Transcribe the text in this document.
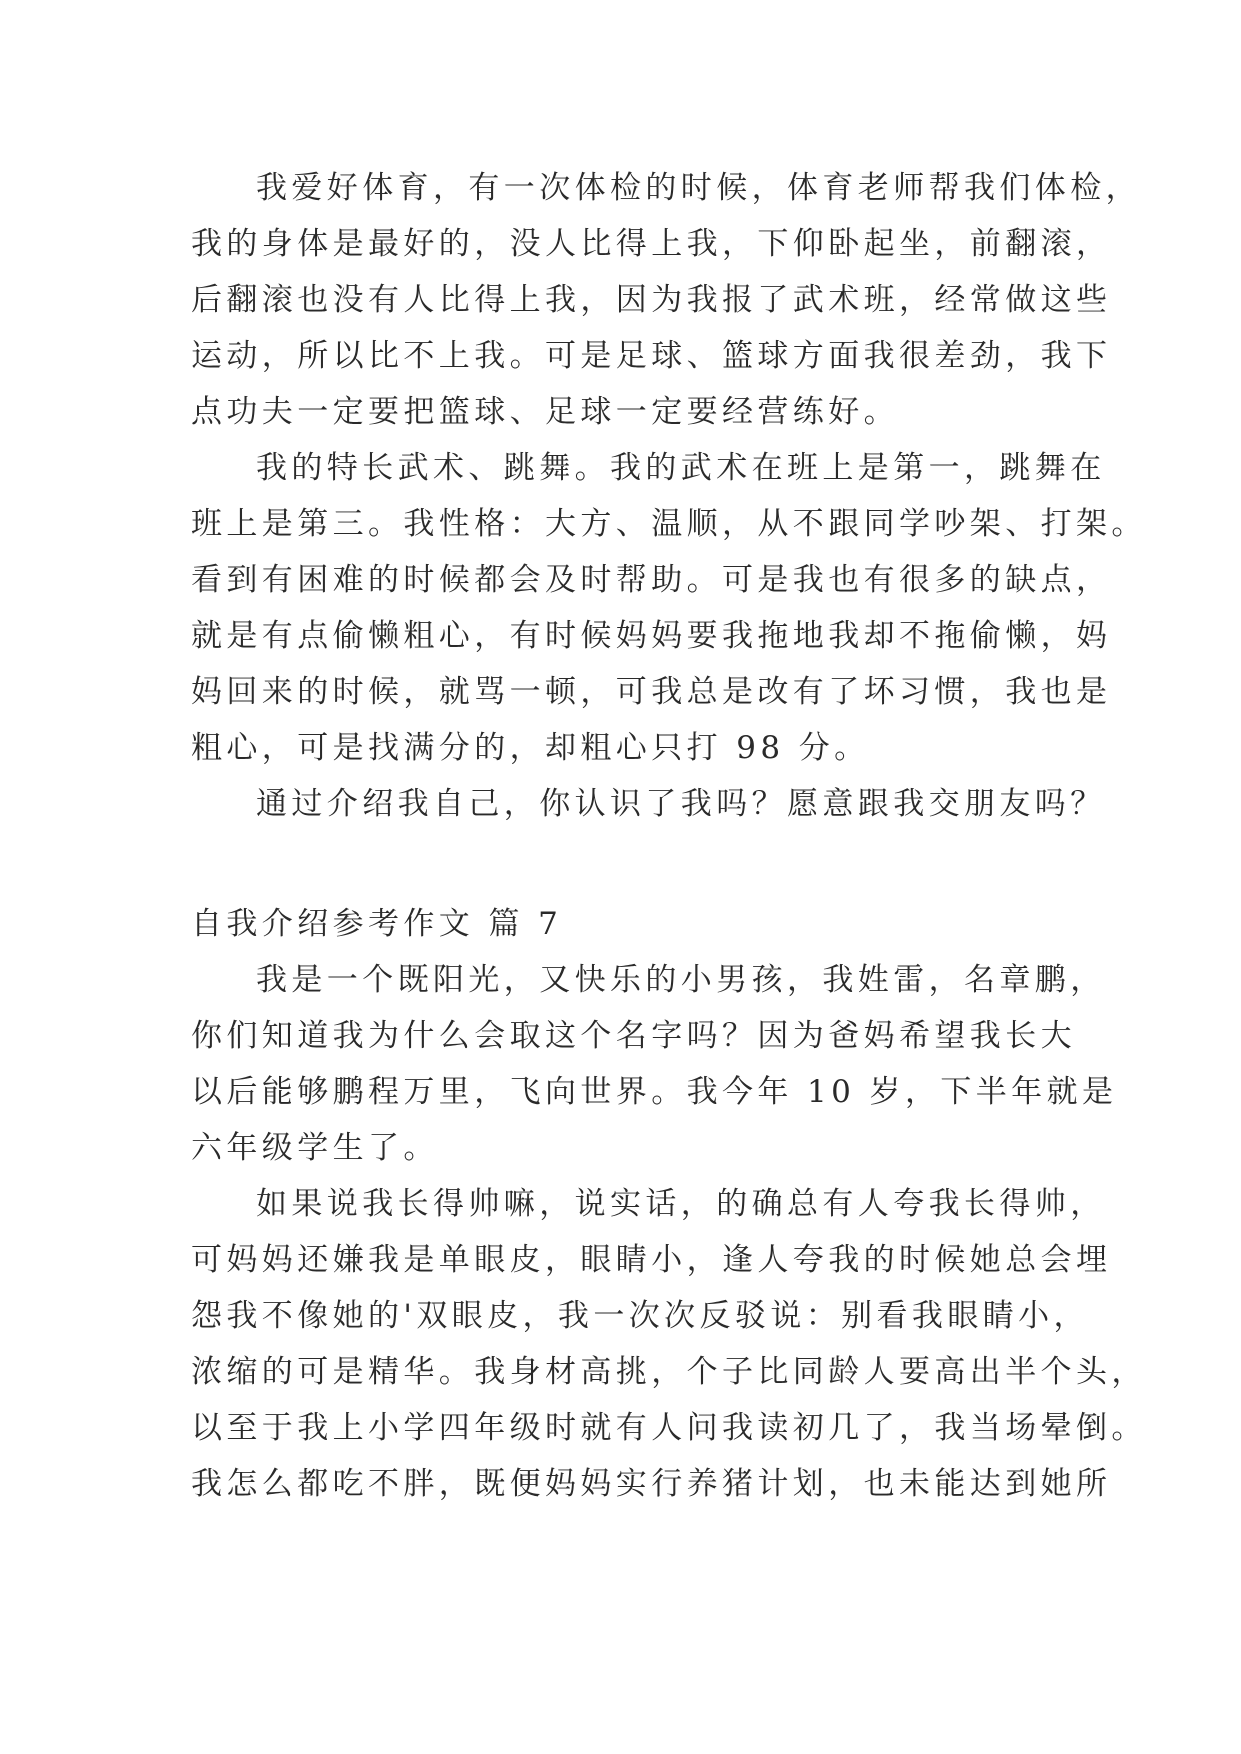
我爱好体育，有一次体检的时候，体育老师帮我们体检，
我的身体是最好的，没人比得上我，下仰卧起坐，前翻滚，
后翻滚也没有人比得上我，因为我报了武术班，经常做这些
运动，所以比不上我。可是足球、篮球方面我很差劲，我下
点功夫一定要把篮球、足球一定要经营练好。
我的特长武术、跳舞。我的武术在班上是第一，跳舞在
班上是第三。我性格：大方、温顺，从不跟同学吵架、打架。
看到有困难的时候都会及时帮助。可是我也有很多的缺点，
就是有点偷懒粗心，有时候妈妈要我拖地我却不拖偷懒，妈
妈回来的时候，就骂一顿，可我总是改有了坏习惯，我也是
粗心，可是找满分的，却粗心只打 98 分。
通过介绍我自己，你认识了我吗？愿意跟我交朋友吗？
自我介绍参考作文 篇 7
我是一个既阳光，又快乐的小男孩，我姓雷，名章鹏，
你们知道我为什么会取这个名字吗？因为爸妈希望我长大
以后能够鹏程万里，飞向世界。我今年 10 岁，下半年就是
六年级学生了。
如果说我长得帅嘛，说实话，的确总有人夸我长得帅，
可妈妈还嫌我是单眼皮，眼睛小，逢人夸我的时候她总会埋
怨我不像她的'双眼皮，我一次次反驳说：别看我眼睛小，
浓缩的可是精华。我身材高挑，个子比同龄人要高出半个头，
以至于我上小学四年级时就有人问我读初几了，我当场晕倒。
我怎么都吃不胖，既便妈妈实行养猪计划，也未能达到她所
